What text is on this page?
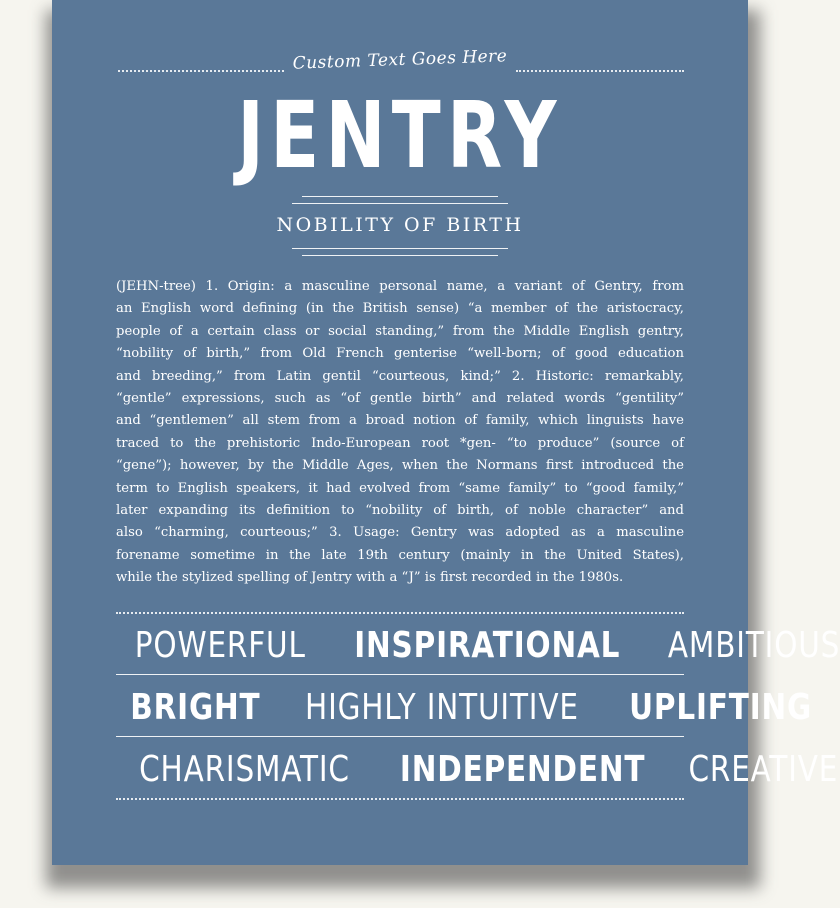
Custom Text Goes Here
JENTRY
NOBILITY OF BIRTH
(JEHN-tree) 1. Origin: a masculine personal name, a variant of Gentry, from
an English word defining (in the British sense) “a member of the aristocracy,
people of a certain class or social standing,” from the Middle English gentry,
“nobility of birth,” from Old French genterise “well-born; of good education
and breeding,” from Latin gentil “courteous, kind;” 2. Historic: remarkably,
“gentle” expressions, such as “of gentle birth” and related words “gentility”
and “gentlemen” all stem from a broad notion of family, which linguists have
traced to the prehistoric Indo-European root *gen- “to produce” (source of
“gene”); however, by the Middle Ages, when the Normans first introduced the
term to English speakers, it had evolved from “same family” to “good family,”
later expanding its definition to “nobility of birth, of noble character” and
also “charming, courteous;” 3. Usage: Gentry was adopted as a masculine
forename sometime in the late 19th century (mainly in the United States),
while the stylized spelling of Jentry with a “J” is first recorded in the 1980s.
POWERFUL INSPIRATIONAL AMBITIOUS
BRIGHT HIGHLY INTUITIVE UPLIFTING
CHARISMATIC INDEPENDENT CREATIVE
